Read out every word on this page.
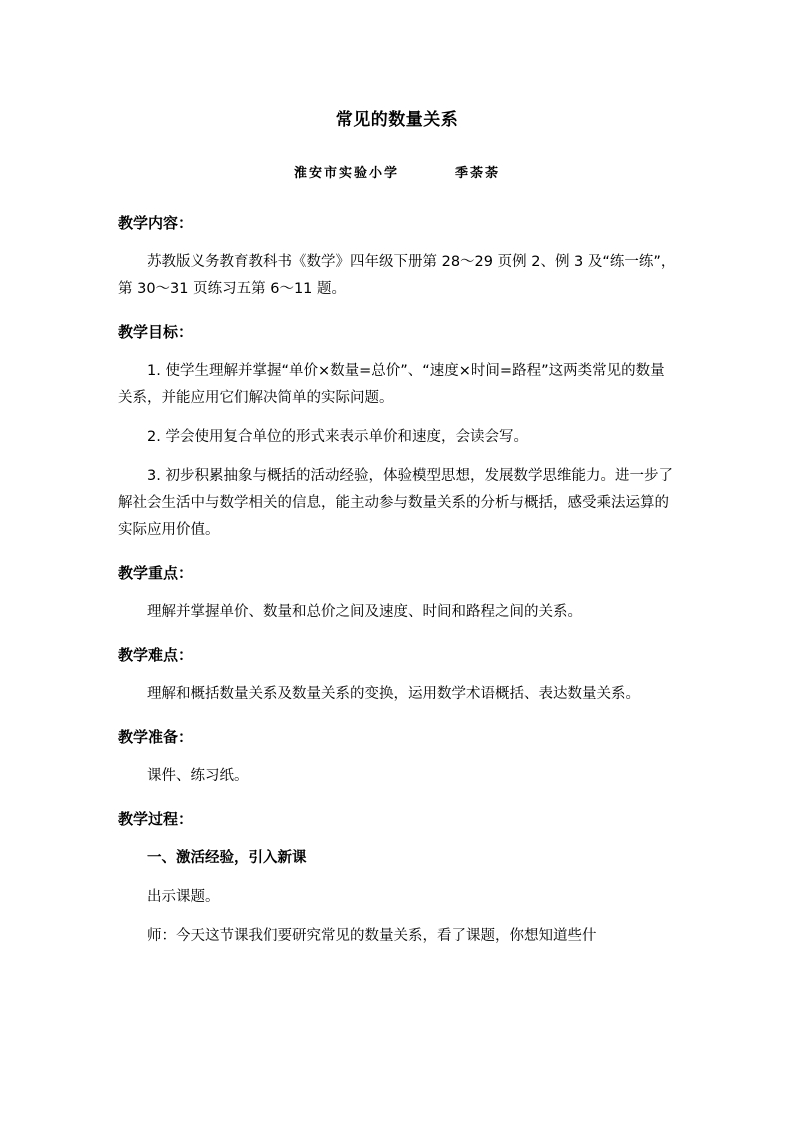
常见的数量关系
淮安市实验小学	季荼荼

教学内容：

苏教版义务教育教科书《数学》四年级下册第 28～29 页例 2、例 3 及“练一练”，第 30～31 页练习五第 6～11 题。

教学目标：

1. 使学生理解并掌握“单价×数量=总价”、“速度×时间=路程”这两类常见的数量关系，并能应用它们解决简单的实际问题。

2. 学会使用复合单位的形式来表示单价和速度，会读会写。

3. 初步积累抽象与概括的活动经验，体验模型思想，发展数学思维能力。进一步了解社会生活中与数学相关的信息，能主动参与数量关系的分析与概括，感受乘法运算的实际应用价值。

教学重点：

理解并掌握单价、数量和总价之间及速度、时间和路程之间的关系。

教学难点：

理解和概括数量关系及数量关系的变换，运用数学术语概括、表达数量关系。

教学准备：

课件、练习纸。

教学过程：

一、激活经验，引入新课

出示课题。

师：今天这节课我们要研究常见的数量关系，看了课题，你想知道些什
